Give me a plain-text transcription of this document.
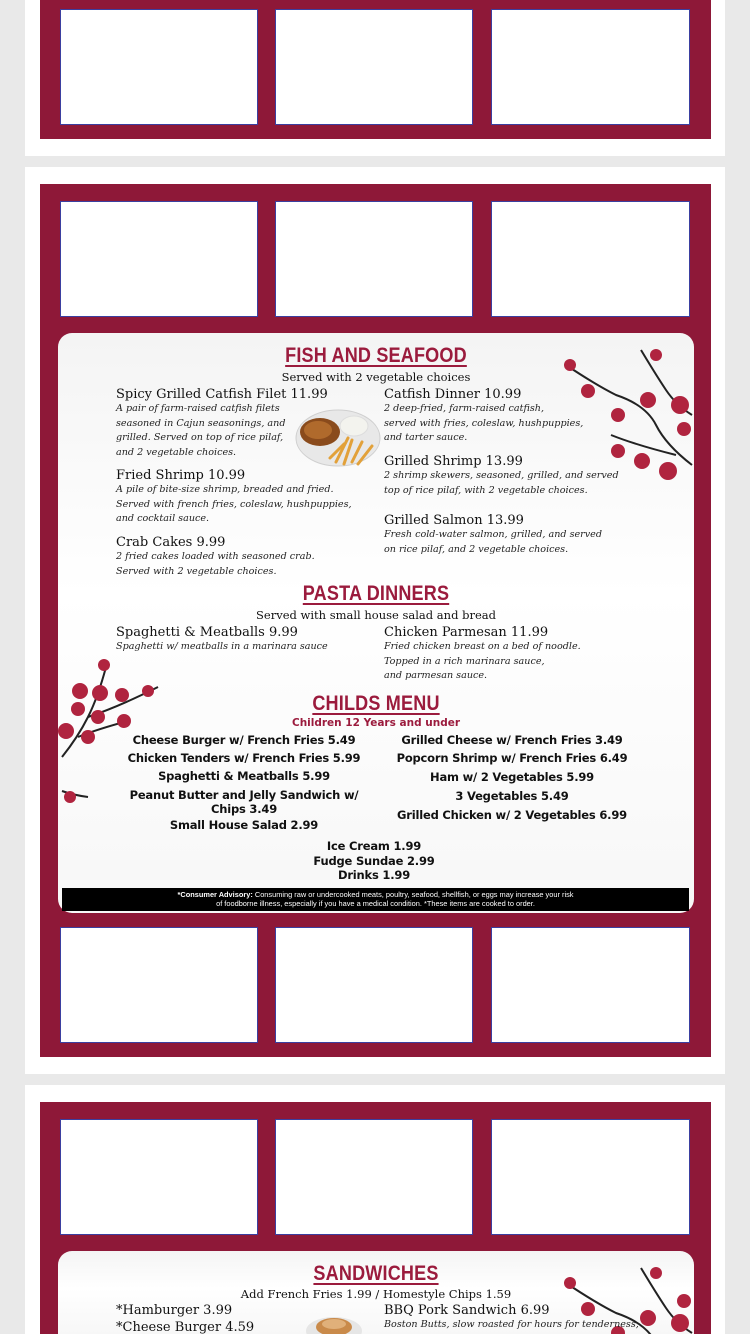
FISH AND SEAFOOD
Served with 2 vegetable choices
Spicy Grilled Catfish Filet 11.99
A pair of farm-raised catfish filets
seasoned in Cajun seasonings, and
grilled. Served on top of rice pilaf,
and 2 vegetable choices.
Fried Shrimp 10.99
A pile of bite-size shrimp, breaded and fried.
Served with french fries, coleslaw, hushpuppies,
and cocktail sauce.
Crab Cakes 9.99
2 fried cakes loaded with seasoned crab.
Served with 2 vegetable choices.
Catfish Dinner 10.99
2 deep-fried, farm-raised catfish,
served with fries, coleslaw, hushpuppies,
and tarter sauce.
Grilled Shrimp 13.99
2 shrimp skewers, seasoned, grilled, and served
top of rice pilaf, with 2 vegetable choices.
Grilled Salmon 13.99
Fresh cold-water salmon, grilled, and served
on rice pilaf, and 2 vegetable choices.
PASTA DINNERS
Served with small house salad and bread
Spaghetti & Meatballs 9.99
Spaghetti w/ meatballs in a marinara sauce
Chicken Parmesan 11.99
Fried chicken breast on a bed of noodle.
Topped in a rich marinara sauce,
and parmesan sauce.
CHILDS MENU
Children 12 Years and under
Cheese Burger w/ French Fries 5.49
Chicken Tenders w/ French Fries 5.99
Spaghetti & Meatballs 5.99
Peanut Butter and Jelly Sandwich w/
Chips 3.49
Small House Salad 2.99
Grilled Cheese w/ French Fries 3.49
Popcorn Shrimp w/ French Fries 6.49
Ham w/ 2 Vegetables 5.99
3 Vegetables 5.49
Grilled Chicken w/ 2 Vegetables 6.99
Ice Cream 1.99
Fudge Sundae 2.99
Drinks 1.99
*Consumer Advisory: Consuming raw or undercooked meats, poultry, seafood, shellfish, or eggs may increase your risk
of foodborne illness, especially if you have a medical condition. *These items are cooked to order.
SANDWICHES
Add French Fries 1.99 / Homestyle Chips 1.59
*Hamburger 3.99
*Cheese Burger 4.59
BBQ Pork Sandwich 6.99
Boston Butts, slow roasted for hours for tenderness,
